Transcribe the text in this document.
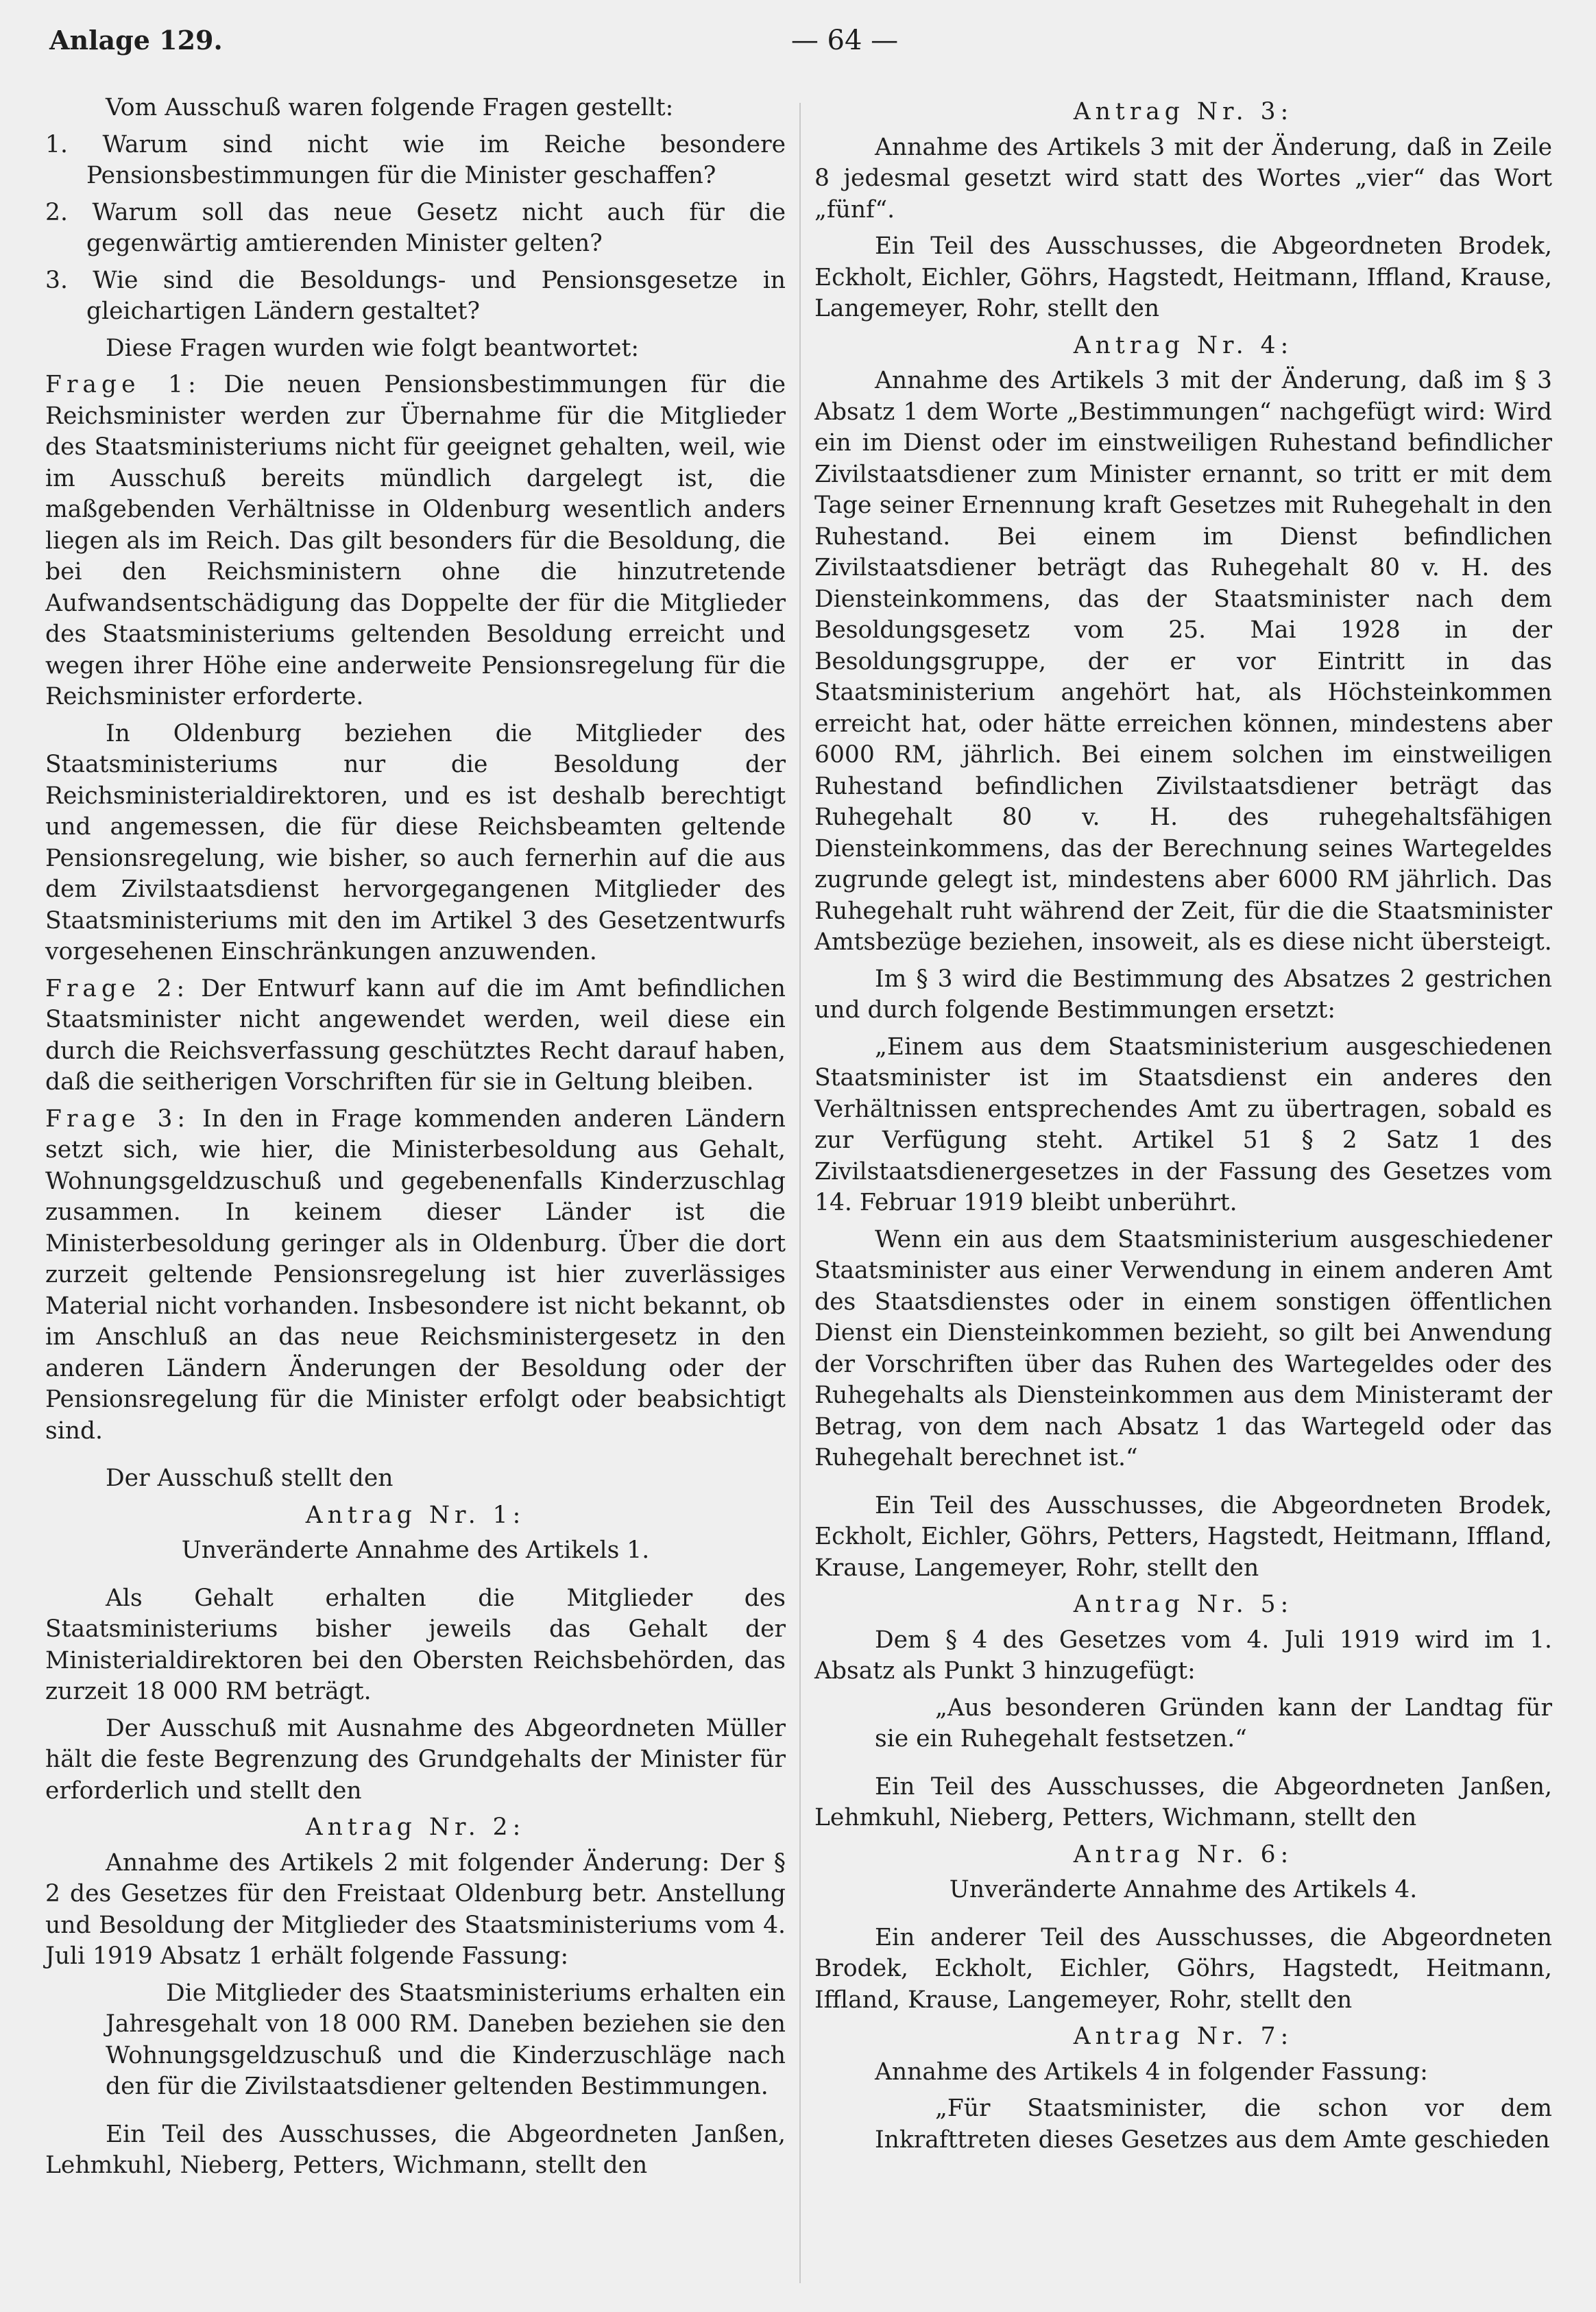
Anlage 129.	— 64 —

Vom Ausschuß waren folgende Fragen gestellt:

1. Warum sind nicht wie im Reiche besondere Pensionsbestimmungen für die Minister geschaffen?

2. Warum soll das neue Gesetz nicht auch für die gegenwärtig amtierenden Minister gelten?

3. Wie sind die Besoldungs- und Pensionsgesetze in gleichartigen Ländern gestaltet?

Diese Fragen wurden wie folgt beantwortet:

Frage 1: Die neuen Pensionsbestimmungen für die Reichsminister werden zur Übernahme für die Mitglieder des Staatsministeriums nicht für geeignet gehalten, weil, wie im Ausschuß bereits mündlich dargelegt ist, die maßgebenden Verhältnisse in Oldenburg wesentlich anders liegen als im Reich. Das gilt besonders für die Besoldung, die bei den Reichsministern ohne die hinzutretende Aufwandsentschädigung das Doppelte der für die Mitglieder des Staatsministeriums geltenden Besoldung erreicht und wegen ihrer Höhe eine anderweite Pensionsregelung für die Reichsminister erforderte.

In Oldenburg beziehen die Mitglieder des Staatsministeriums nur die Besoldung der Reichsministerialdirektoren, und es ist deshalb berechtigt und angemessen, die für diese Reichsbeamten geltende Pensionsregelung, wie bisher, so auch fernerhin auf die aus dem Zivilstaatsdienst hervorgegangenen Mitglieder des Staatsministeriums mit den im Artikel 3 des Gesetzentwurfs vorgesehenen Einschränkungen anzuwenden.

Frage 2: Der Entwurf kann auf die im Amt befindlichen Staatsminister nicht angewendet werden, weil diese ein durch die Reichsverfassung geschütztes Recht darauf haben, daß die seitherigen Vorschriften für sie in Geltung bleiben.

Frage 3: In den in Frage kommenden anderen Ländern setzt sich, wie hier, die Ministerbesoldung aus Gehalt, Wohnungsgeldzuschuß und gegebenenfalls Kinderzuschlag zusammen. In keinem dieser Länder ist die Ministerbesoldung geringer als in Oldenburg. Über die dort zurzeit geltende Pensionsregelung ist hier zuverlässiges Material nicht vorhanden. Insbesondere ist nicht bekannt, ob im Anschluß an das neue Reichsministergesetz in den anderen Ländern Änderungen der Besoldung oder der Pensionsregelung für die Minister erfolgt oder beabsichtigt sind.

Der Ausschuß stellt den

Antrag Nr. 1:

Unveränderte Annahme des Artikels 1.

Als Gehalt erhalten die Mitglieder des Staatsministeriums bisher jeweils das Gehalt der Ministerialdirektoren bei den Obersten Reichsbehörden, das zurzeit 18 000 RM beträgt.

Der Ausschuß mit Ausnahme des Abgeordneten Müller hält die feste Begrenzung des Grundgehalts der Minister für erforderlich und stellt den

Antrag Nr. 2:

Annahme des Artikels 2 mit folgender Änderung: Der § 2 des Gesetzes für den Freistaat Oldenburg betr. Anstellung und Besoldung der Mitglieder des Staatsministeriums vom 4. Juli 1919 Absatz 1 erhält folgende Fassung:

Die Mitglieder des Staatsministeriums erhalten ein Jahresgehalt von 18 000 RM. Daneben beziehen sie den Wohnungsgeldzuschuß und die Kinderzuschläge nach den für die Zivilstaatsdiener geltenden Bestimmungen.

Ein Teil des Ausschusses, die Abgeordneten Janßen, Lehmkuhl, Nieberg, Petters, Wichmann, stellt den

Antrag Nr. 3:

Annahme des Artikels 3 mit der Änderung, daß in Zeile 8 jedesmal gesetzt wird statt des Wortes „vier“ das Wort „fünf“.

Ein Teil des Ausschusses, die Abgeordneten Brodek, Eckholt, Eichler, Göhrs, Hagstedt, Heitmann, Iffland, Krause, Langemeyer, Rohr, stellt den

Antrag Nr. 4:

Annahme des Artikels 3 mit der Änderung, daß im § 3 Absatz 1 dem Worte „Bestimmungen“ nachgefügt wird: Wird ein im Dienst oder im einstweiligen Ruhestand befindlicher Zivilstaatsdiener zum Minister ernannt, so tritt er mit dem Tage seiner Ernennung kraft Gesetzes mit Ruhegehalt in den Ruhestand. Bei einem im Dienst befindlichen Zivilstaatsdiener beträgt das Ruhegehalt 80 v. H. des Diensteinkommens, das der Staatsminister nach dem Besoldungsgesetz vom 25. Mai 1928 in der Besoldungsgruppe, der er vor Eintritt in das Staatsministerium angehört hat, als Höchsteinkommen erreicht hat, oder hätte erreichen können, mindestens aber 6000 RM, jährlich. Bei einem solchen im einstweiligen Ruhestand befindlichen Zivilstaatsdiener beträgt das Ruhegehalt 80 v. H. des ruhegehaltsfähigen Diensteinkommens, das der Berechnung seines Wartegeldes zugrunde gelegt ist, mindestens aber 6000 RM jährlich. Das Ruhegehalt ruht während der Zeit, für die die Staatsminister Amtsbezüge beziehen, insoweit, als es diese nicht übersteigt.

Im § 3 wird die Bestimmung des Absatzes 2 gestrichen und durch folgende Bestimmungen ersetzt:

„Einem aus dem Staatsministerium ausgeschiedenen Staatsminister ist im Staatsdienst ein anderes den Verhältnissen entsprechendes Amt zu übertragen, sobald es zur Verfügung steht. Artikel 51 § 2 Satz 1 des Zivilstaatsdienergesetzes in der Fassung des Gesetzes vom 14. Februar 1919 bleibt unberührt.

Wenn ein aus dem Staatsministerium ausgeschiedener Staatsminister aus einer Verwendung in einem anderen Amt des Staatsdienstes oder in einem sonstigen öffentlichen Dienst ein Diensteinkommen bezieht, so gilt bei Anwendung der Vorschriften über das Ruhen des Wartegeldes oder des Ruhegehalts als Diensteinkommen aus dem Ministeramt der Betrag, von dem nach Absatz 1 das Wartegeld oder das Ruhegehalt berechnet ist.“

Ein Teil des Ausschusses, die Abgeordneten Brodek, Eckholt, Eichler, Göhrs, Petters, Hagstedt, Heitmann, Iffland, Krause, Langemeyer, Rohr, stellt den

Antrag Nr. 5:

Dem § 4 des Gesetzes vom 4. Juli 1919 wird im 1. Absatz als Punkt 3 hinzugefügt:

„Aus besonderen Gründen kann der Landtag für sie ein Ruhegehalt festsetzen.“

Ein Teil des Ausschusses, die Abgeordneten Janßen, Lehmkuhl, Nieberg, Petters, Wichmann, stellt den

Antrag Nr. 6:

Unveränderte Annahme des Artikels 4.

Ein anderer Teil des Ausschusses, die Abgeordneten Brodek, Eckholt, Eichler, Göhrs, Hagstedt, Heitmann, Iffland, Krause, Langemeyer, Rohr, stellt den

Antrag Nr. 7:

Annahme des Artikels 4 in folgender Fassung:

„Für Staatsminister, die schon vor dem Inkrafttreten dieses Gesetzes aus dem Amte geschieden
